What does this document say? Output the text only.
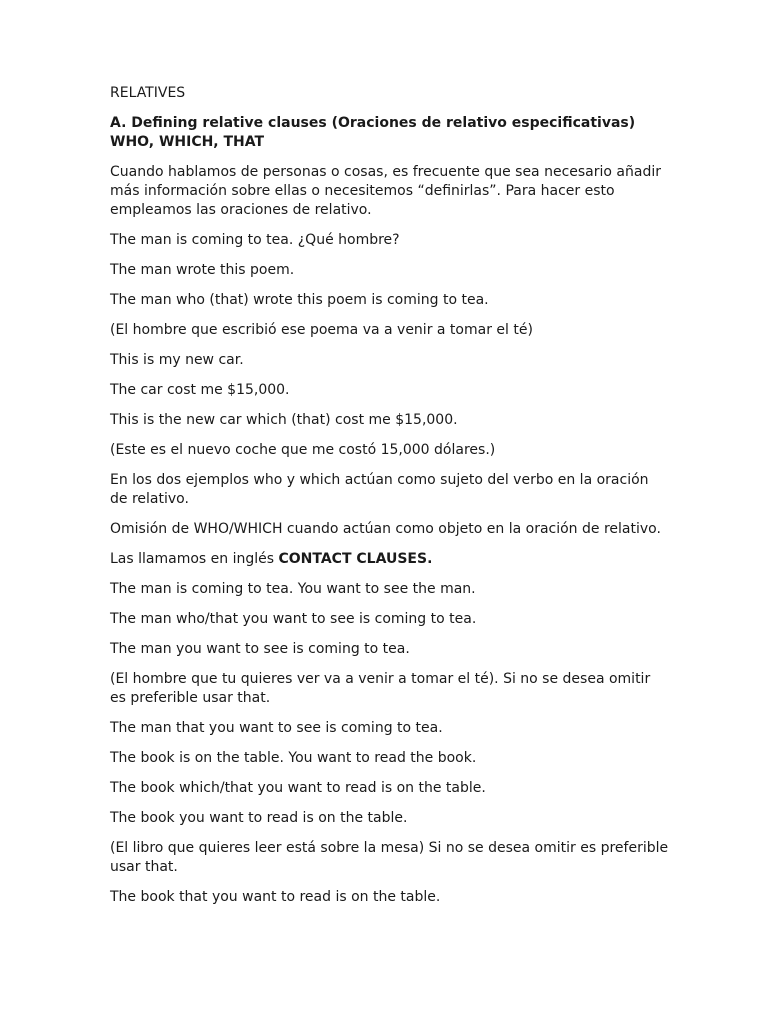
RELATIVES

A. Defining relative clauses (Oraciones de relativo especificativas)
WHO, WHICH, THAT

Cuando hablamos de personas o cosas, es frecuente que sea necesario añadir más información sobre ellas o necesitemos “definirlas”. Para hacer esto empleamos las oraciones de relativo.

The man is coming to tea. ¿Qué hombre?

The man wrote this poem.

The man who (that) wrote this poem is coming to tea.

(El hombre que escribió ese poema va a venir a tomar el té)

This is my new car.

The car cost me $15,000.

This is the new car which (that) cost me $15,000.

(Este es el nuevo coche que me costó 15,000 dólares.)

En los dos ejemplos who y which actúan como sujeto del verbo en la oración de relativo.

Omisión de WHO/WHICH cuando actúan como objeto en la oración de relativo.

Las llamamos en inglés CONTACT CLAUSES.

The man is coming to tea. You want to see the man.

The man who/that you want to see is coming to tea.

The man you want to see is coming to tea.

(El hombre que tu quieres ver va a venir a tomar el té). Si no se desea omitir es preferible usar that.

The man that you want to see is coming to tea.

The book is on the table. You want to read the book.

The book which/that you want to read is on the table.

The book you want to read is on the table.

(El libro que quieres leer está sobre la mesa) Si no se desea omitir es preferible usar that.

The book that you want to read is on the table.
